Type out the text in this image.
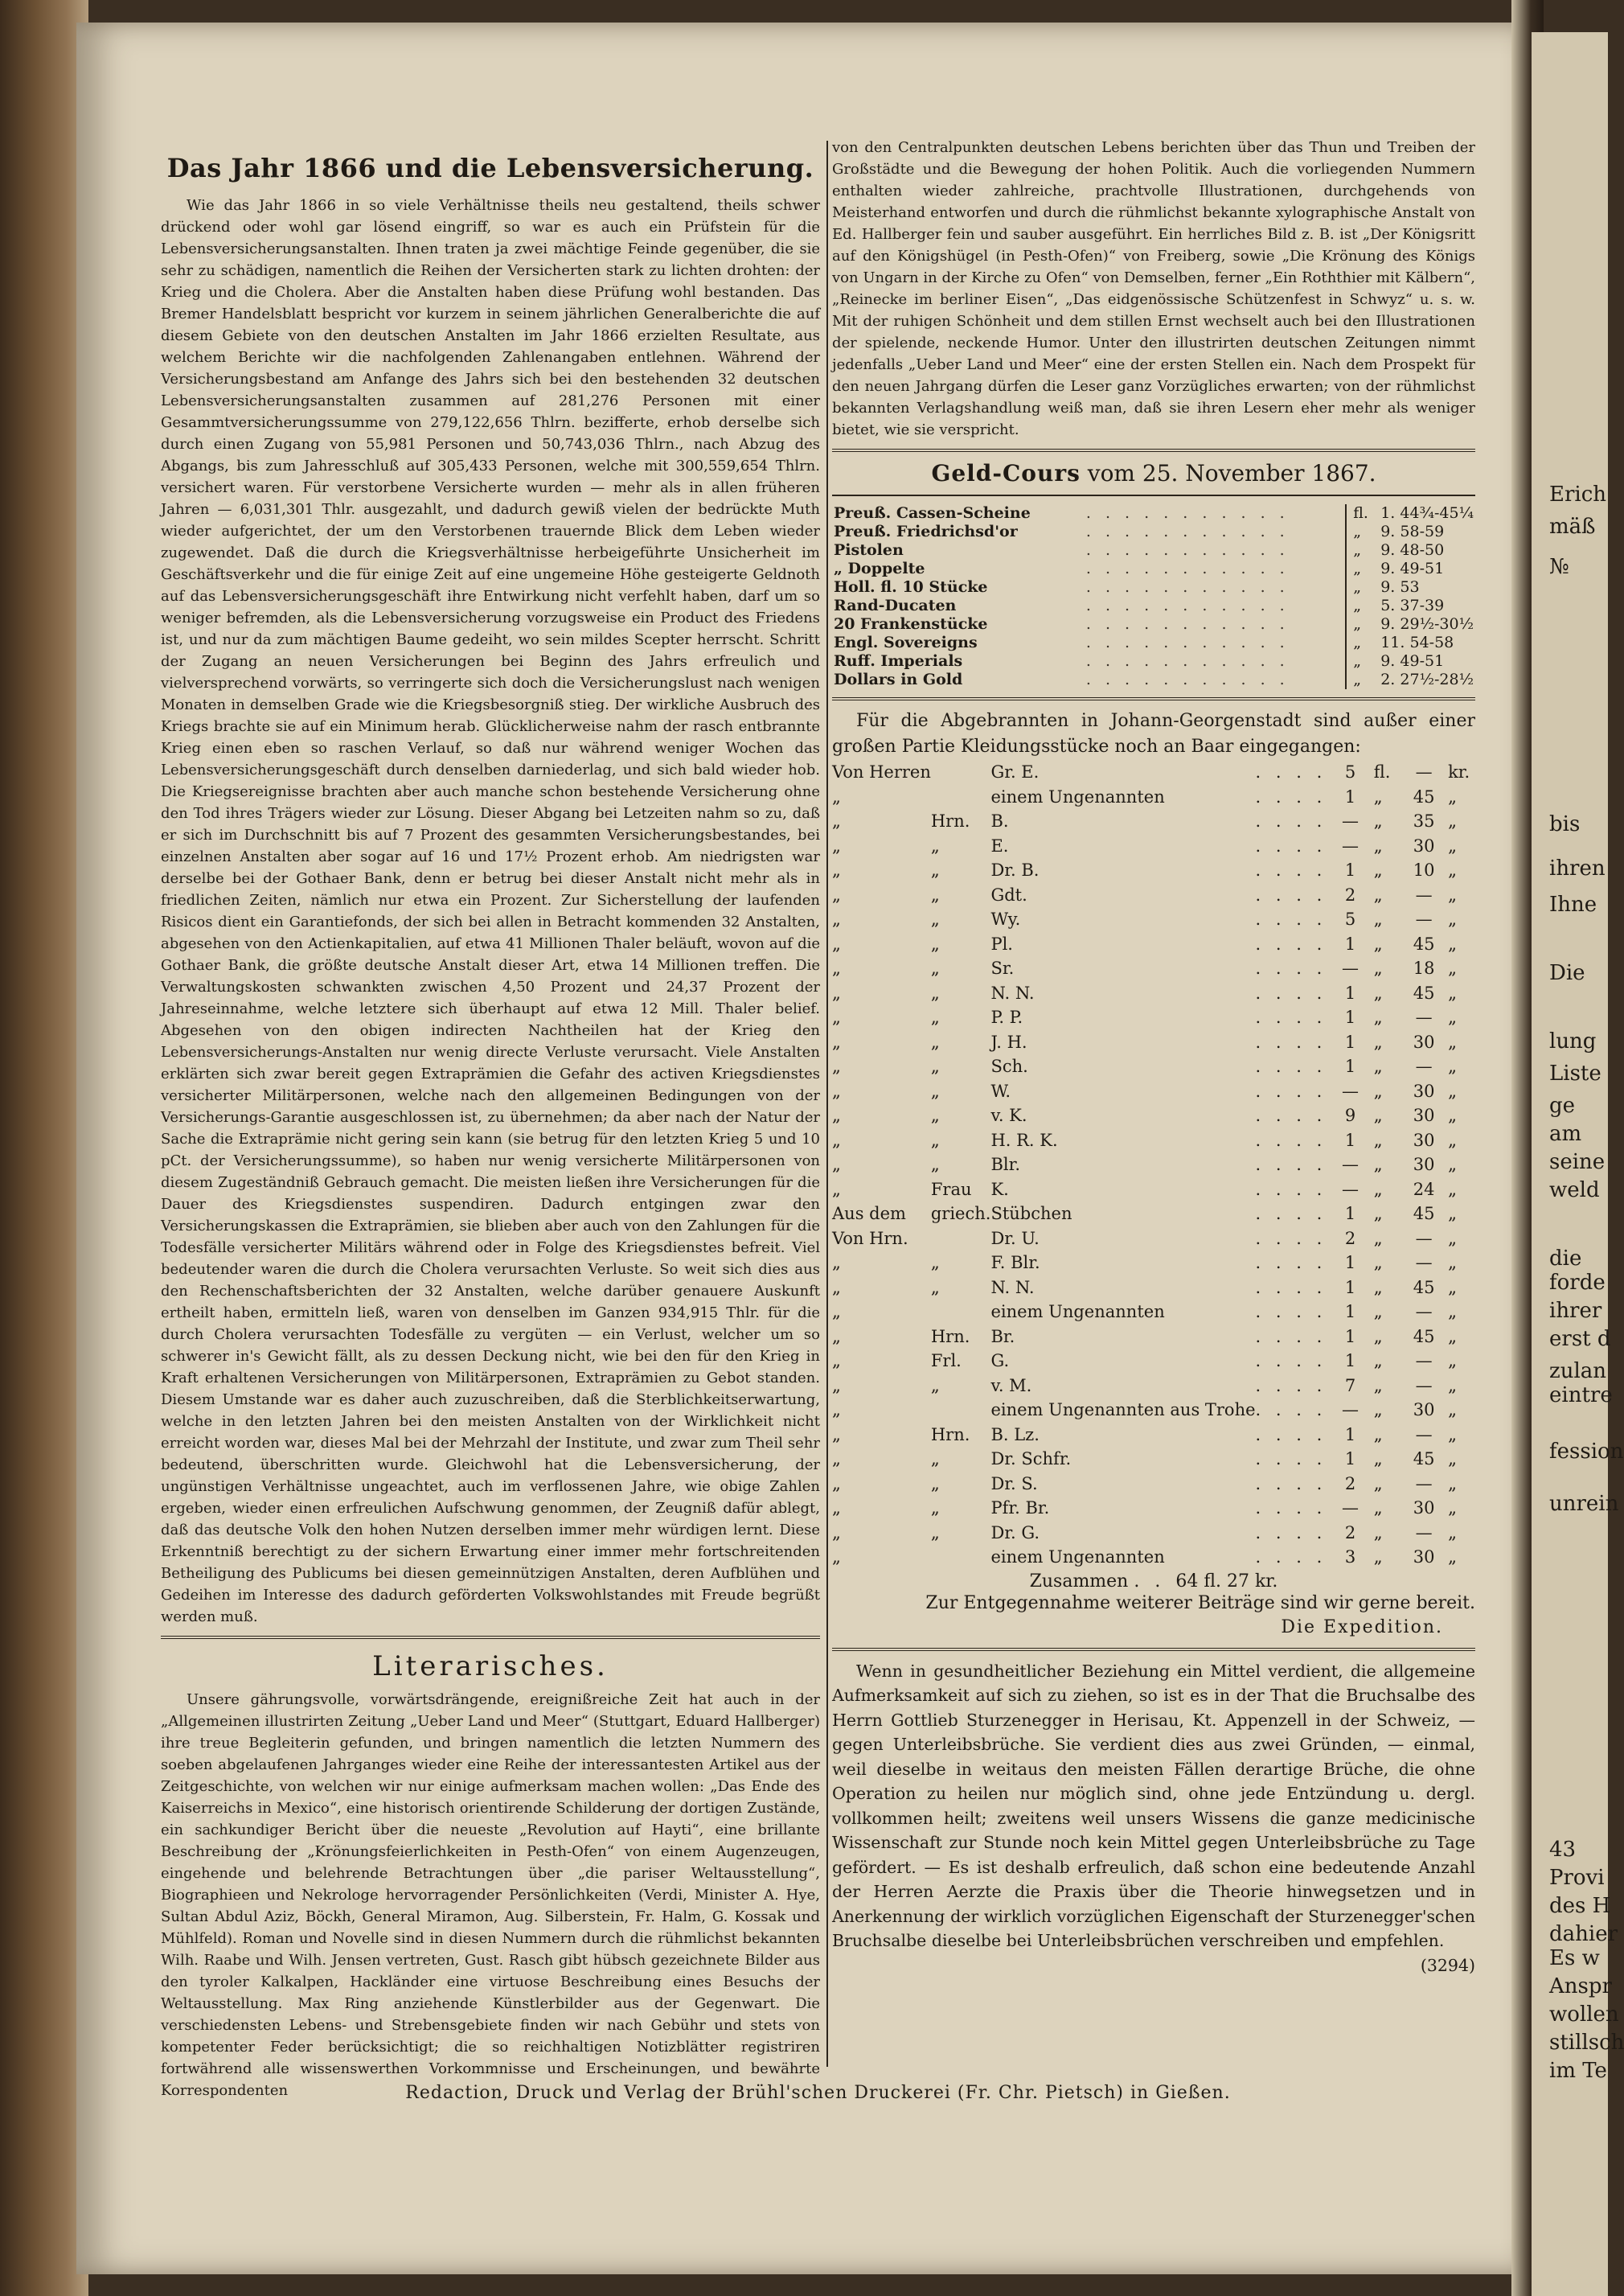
Erich
mäß
№
bis
ihren
Ihne
Die
lung
Liste
ge
am
seine
weld
die
forde
ihrer
erst d
zulan
eintre
fession
unrein
43
Provi
des H
dahier
Es w
Anspr
wollen
stillsch
im Te
Das Jahr 1866 und die Lebensversicherung.

Wie das Jahr 1866 in so viele Verhältnisse theils neu gestaltend, theils schwer drückend oder wohl gar lösend eingriff, so war es auch ein Prüfstein für die Lebensversicherungsanstalten. Ihnen traten ja zwei mächtige Feinde gegenüber, die sie sehr zu schädigen, namentlich die Reihen der Versicherten stark zu lichten drohten: der Krieg und die Cholera. Aber die Anstalten haben diese Prüfung wohl bestanden. Das Bremer Handelsblatt bespricht vor kurzem in seinem jährlichen Generalberichte die auf diesem Gebiete von den deutschen Anstalten im Jahr 1866 erzielten Resultate, aus welchem Berichte wir die nachfolgenden Zahlenangaben entlehnen. Während der Versicherungsbestand am Anfange des Jahrs sich bei den bestehenden 32 deutschen Lebensversicherungsanstalten zusammen auf 281,276 Personen mit einer Gesammtversicherungssumme von 279,122,656 Thlrn. bezifferte, erhob derselbe sich durch einen Zugang von 55,981 Personen und 50,743,036 Thlrn., nach Abzug des Abgangs, bis zum Jahresschluß auf 305,433 Personen, welche mit 300,559,654 Thlrn. versichert waren. Für verstorbene Versicherte wurden — mehr als in allen früheren Jahren — 6,031,301 Thlr. ausgezahlt, und dadurch gewiß vielen der bedrückte Muth wieder aufgerichtet, der um den Verstorbenen trauernde Blick dem Leben wieder zugewendet. Daß die durch die Kriegsverhältnisse herbeigeführte Unsicherheit im Geschäftsverkehr und die für einige Zeit auf eine ungemeine Höhe gesteigerte Geldnoth auf das Lebensversicherungsgeschäft ihre Entwirkung nicht verfehlt haben, darf um so weniger befremden, als die Lebensversicherung vorzugsweise ein Product des Friedens ist, und nur da zum mächtigen Baume gedeiht, wo sein mildes Scepter herrscht. Schritt der Zugang an neuen Versicherungen bei Beginn des Jahrs erfreulich und vielversprechend vorwärts, so verringerte sich doch die Versicherungslust nach wenigen Monaten in demselben Grade wie die Kriegsbesorgniß stieg. Der wirkliche Ausbruch des Kriegs brachte sie auf ein Minimum herab. Glücklicherweise nahm der rasch entbrannte Krieg einen eben so raschen Verlauf, so daß nur während weniger Wochen das Lebensversicherungsgeschäft durch denselben darniederlag, und sich bald wieder hob. Die Kriegsereignisse brachten aber auch manche schon bestehende Versicherung ohne den Tod ihres Trägers wieder zur Lösung. Dieser Abgang bei Letzeiten nahm so zu, daß er sich im Durchschnitt bis auf 7 Prozent des gesammten Versicherungsbestandes, bei einzelnen Anstalten aber sogar auf 16 und 17½ Prozent erhob. Am niedrigsten war derselbe bei der Gothaer Bank, denn er betrug bei dieser Anstalt nicht mehr als in friedlichen Zeiten, nämlich nur etwa ein Prozent. Zur Sicherstellung der laufenden Risicos dient ein Garantiefonds, der sich bei allen in Betracht kommenden 32 Anstalten, abgesehen von den Actienkapitalien, auf etwa 41 Millionen Thaler beläuft, wovon auf die Gothaer Bank, die größte deutsche Anstalt dieser Art, etwa 14 Millionen treffen. Die Verwaltungskosten schwankten zwischen 4,50 Prozent und 24,37 Prozent der Jahreseinnahme, welche letztere sich überhaupt auf etwa 12 Mill. Thaler belief. Abgesehen von den obigen indirecten Nachtheilen hat der Krieg den Lebensversicherungs-Anstalten nur wenig directe Verluste verursacht. Viele Anstalten erklärten sich zwar bereit gegen Extraprämien die Gefahr des activen Kriegsdienstes versicherter Militärpersonen, welche nach den allgemeinen Bedingungen von der Versicherungs-Garantie ausgeschlossen ist, zu übernehmen; da aber nach der Natur der Sache die Extraprämie nicht gering sein kann (sie betrug für den letzten Krieg 5 und 10 pCt. der Versicherungssumme), so haben nur wenig versicherte Militärpersonen von diesem Zugeständniß Gebrauch gemacht. Die meisten ließen ihre Versicherungen für die Dauer des Kriegsdienstes suspendiren. Dadurch entgingen zwar den Versicherungskassen die Extraprämien, sie blieben aber auch von den Zahlungen für die Todesfälle versicherter Militärs während oder in Folge des Kriegsdienstes befreit. Viel bedeutender waren die durch die Cholera verursachten Verluste. So weit sich dies aus den Rechenschaftsberichten der 32 Anstalten, welche darüber genauere Auskunft ertheilt haben, ermitteln ließ, waren von denselben im Ganzen 934,915 Thlr. für die durch Cholera verursachten Todesfälle zu vergüten — ein Verlust, welcher um so schwerer in's Gewicht fällt, als zu dessen Deckung nicht, wie bei den für den Krieg in Kraft erhaltenen Versicherungen von Militärpersonen, Extraprämien zu Gebot standen. Diesem Umstande war es daher auch zuzuschreiben, daß die Sterblichkeitserwartung, welche in den letzten Jahren bei den meisten Anstalten von der Wirklichkeit nicht erreicht worden war, dieses Mal bei der Mehrzahl der Institute, und zwar zum Theil sehr bedeutend, überschritten wurde. Gleichwohl hat die Lebensversicherung, der ungünstigen Verhältnisse ungeachtet, auch im verflossenen Jahre, wie obige Zahlen ergeben, wieder einen erfreulichen Aufschwung genommen, der Zeugniß dafür ablegt, daß das deutsche Volk den hohen Nutzen derselben immer mehr würdigen lernt. Diese Erkenntniß berechtigt zu der sichern Erwartung einer immer mehr fortschreitenden Betheiligung des Publicums bei diesen gemeinnützigen Anstalten, deren Aufblühen und Gedeihen im Interesse des dadurch geförderten Volkswohlstandes mit Freude begrüßt werden muß.

Literarisches.

Unsere gährungsvolle, vorwärtsdrängende, ereignißreiche Zeit hat auch in der „Allgemeinen illustrirten Zeitung „Ueber Land und Meer“ (Stuttgart, Eduard Hallberger) ihre treue Begleiterin gefunden, und bringen namentlich die letzten Nummern des soeben abgelaufenen Jahrganges wieder eine Reihe der interessantesten Artikel aus der Zeitgeschichte, von welchen wir nur einige aufmerksam machen wollen: „Das Ende des Kaiserreichs in Mexico“, eine historisch orientirende Schilderung der dortigen Zustände, ein sachkundiger Bericht über die neueste „Revolution auf Hayti“, eine brillante Beschreibung der „Krönungsfeierlichkeiten in Pesth-Ofen“ von einem Augenzeugen, eingehende und belehrende Betrachtungen über „die pariser Weltausstellung“, Biographieen und Nekrologe hervorragender Persönlichkeiten (Verdi, Minister A. Hye, Sultan Abdul Aziz, Böckh, General Miramon, Aug. Silberstein, Fr. Halm, G. Kossak und Mühlfeld). Roman und Novelle sind in diesen Nummern durch die rühmlichst bekannten Wilh. Raabe und Wilh. Jensen vertreten, Gust. Rasch gibt hübsch gezeichnete Bilder aus den tyroler Kalkalpen, Hackländer eine virtuose Beschreibung eines Besuchs der Weltausstellung. Max Ring anziehende Künstlerbilder aus der Gegenwart. Die verschiedensten Lebens- und Strebensgebiete finden wir nach Gebühr und stets von kompetenter Feder berücksichtigt; die so reichhaltigen Notizblätter registriren fortwährend alle wissenswerthen Vorkommnisse und Erscheinungen, und bewährte Korrespondenten

von den Centralpunkten deutschen Lebens berichten über das Thun und Treiben der Großstädte und die Bewegung der hohen Politik. Auch die vorliegenden Nummern enthalten wieder zahlreiche, prachtvolle Illustrationen, durchgehends von Meisterhand entworfen und durch die rühmlichst bekannte xylographische Anstalt von Ed. Hallberger fein und sauber ausgeführt. Ein herrliches Bild z. B. ist „Der Königsritt auf den Königshügel (in Pesth-Ofen)“ von Freiberg, sowie „Die Krönung des Königs von Ungarn in der Kirche zu Ofen“ von Demselben, ferner „Ein Roththier mit Kälbern“, „Reinecke im berliner Eisen“, „Das eidgenössische Schützenfest in Schwyz“ u. s. w. Mit der ruhigen Schönheit und dem stillen Ernst wechselt auch bei den Illustrationen der spielende, neckende Humor. Unter den illustrirten deutschen Zeitungen nimmt jedenfalls „Ueber Land und Meer“ eine der ersten Stellen ein. Nach dem Prospekt für den neuen Jahrgang dürfen die Leser ganz Vorzügliches erwarten; von der rühmlichst bekannten Verlagshandlung weiß man, daß sie ihren Lesern eher mehr als weniger bietet, wie sie verspricht.

Geld-Cours vom 25. November 1867.
Preuß. Cassen-Scheine	. . . . . . . . . . .	fl.	1. 44¾-45¼
Preuß. Friedrichsd'or	. . . . . . . . . . .	„	9. 58-59
Pistolen	. . . . . . . . . . .	„	9. 48-50
„ Doppelte	. . . . . . . . . . .	„	9. 49-51
Holl. fl. 10 Stücke	. . . . . . . . . . .	„	9. 53
Rand-Ducaten	. . . . . . . . . . .	„	5. 37-39
20 Frankenstücke	. . . . . . . . . . .	„	9. 29½-30½
Engl. Sovereigns	. . . . . . . . . . .	„	11. 54-58
Ruff. Imperials	. . . . . . . . . . .	„	9. 49-51
Dollars in Gold	. . . . . . . . . . .	„	2. 27½-28½
Für die Abgebrannten in Johann-Georgenstadt sind außer einer großen Partie Kleidungsstücke noch an Baar eingegangen:
Von Herren		Gr. E.	. . . .	5	fl.	—	kr.
„		einem Ungenannten	. . . .	1	„	45	„
„	Hrn.	B.	. . . .	—	„	35	„
„	„	E.	. . . .	—	„	30	„
„	„	Dr. B.	. . . .	1	„	10	„
„	„	Gdt.	. . . .	2	„	—	„
„	„	Wy.	. . . .	5	„	—	„
„	„	Pl.	. . . .	1	„	45	„
„	„	Sr.	. . . .	—	„	18	„
„	„	N. N.	. . . .	1	„	45	„
„	„	P. P.	. . . .	1	„	—	„
„	„	J. H.	. . . .	1	„	30	„
„	„	Sch.	. . . .	1	„	—	„
„	„	W.	. . . .	—	„	30	„
„	„	v. K.	. . . .	9	„	30	„
„	„	H. R. K.	. . . .	1	„	30	„
„	„	Blr.	. . . .	—	„	30	„
„	Frau	K.	. . . .	—	„	24	„
Aus dem	griech.	Stübchen	. . . .	1	„	45	„
Von Hrn.		Dr. U.	. . . .	2	„	—	„
„	„	F. Blr.	. . . .	1	„	—	„
„	„	N. N.	. . . .	1	„	45	„
„		einem Ungenannten	. . . .	1	„	—	„
„	Hrn.	Br.	. . . .	1	„	45	„
„	Frl.	G.	. . . .	1	„	—	„
„	„	v. M.	. . . .	7	„	—	„
„		einem Ungenannten aus Trohe	. . . .	—	„	30	„
„	Hrn.	B. Lz.	. . . .	1	„	—	„
„	„	Dr. Schfr.	. . . .	1	„	45	„
„	„	Dr. S.	. . . .	2	„	—	„
„	„	Pfr. Br.	. . . .	—	„	30	„
„	„	Dr. G.	. . . .	2	„	—	„
„		einem Ungenannten	. . . .	3	„	30	„
Zusammen . . 64 fl. 27 kr.
Zur Entgegennahme weiterer Beiträge sind wir gerne bereit.
Die Expedition.

Wenn in gesundheitlicher Beziehung ein Mittel verdient, die allgemeine Aufmerksamkeit auf sich zu ziehen, so ist es in der That die Bruchsalbe des Herrn Gottlieb Sturzenegger in Herisau, Kt. Appenzell in der Schweiz, — gegen Unterleibsbrüche. Sie verdient dies aus zwei Gründen, — einmal, weil dieselbe in weitaus den meisten Fällen derartige Brüche, die ohne Operation zu heilen nur möglich sind, ohne jede Entzündung u. dergl. vollkommen heilt; zweitens weil unsers Wissens die ganze medicinische Wissenschaft zur Stunde noch kein Mittel gegen Unterleibsbrüche zu Tage gefördert. — Es ist deshalb erfreulich, daß schon eine bedeutende Anzahl der Herren Aerzte die Praxis über die Theorie hinwegsetzen und in Anerkennung der wirklich vorzüglichen Eigenschaft der Sturzenegger'schen Bruchsalbe dieselbe bei Unterleibsbrüchen verschreiben und empfehlen.
(3294)

Redaction, Druck und Verlag der Brühl'schen Druckerei (Fr. Chr. Pietsch) in Gießen.
